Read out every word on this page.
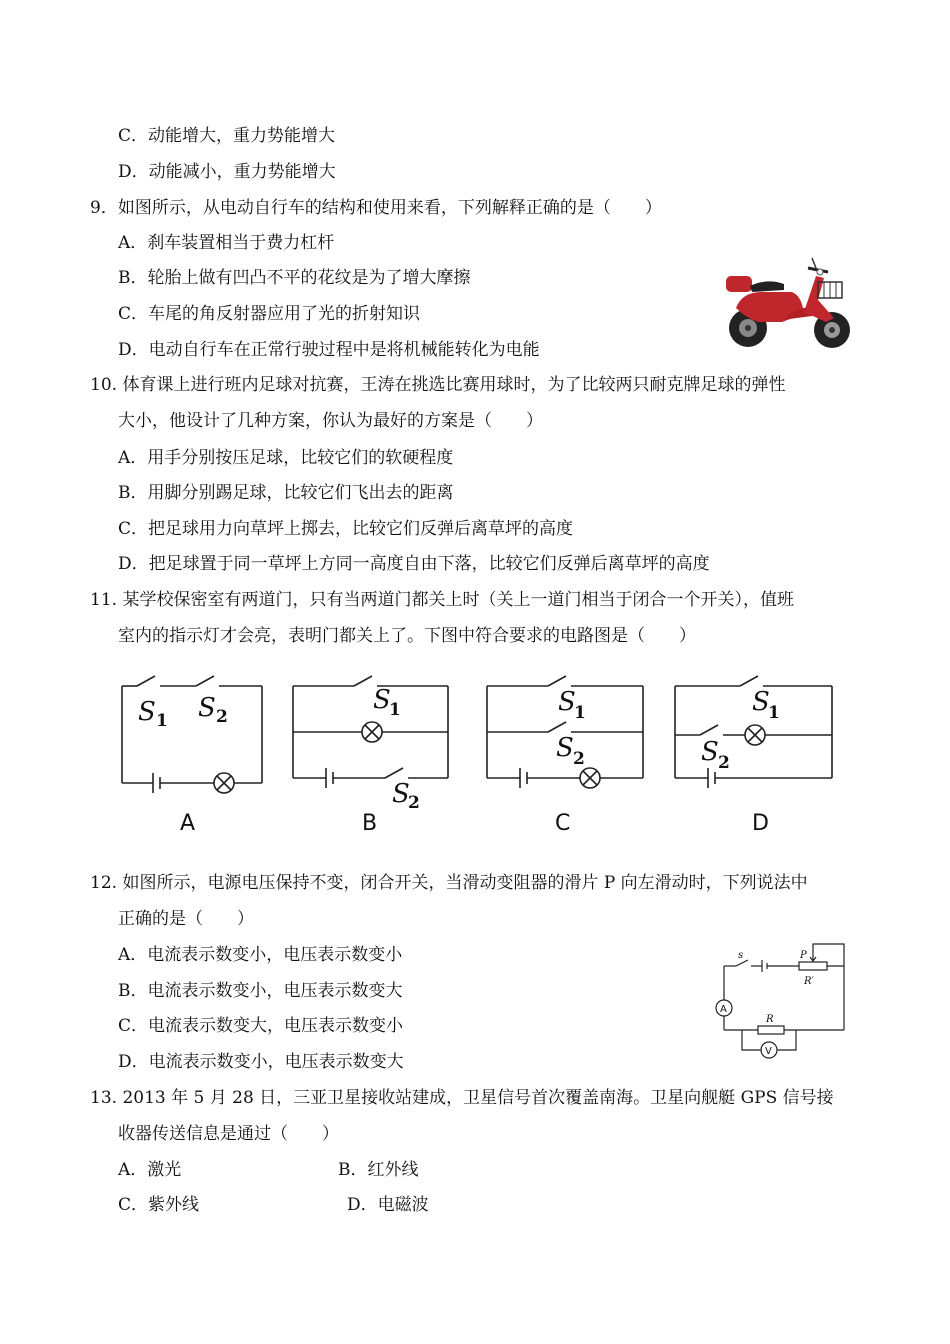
C．动能增大，重力势能增大
D．动能减小，重力势能增大
9．如图所示，从电动自行车的结构和使用来看，下列解释正确的是（　　）
A．刹车装置相当于费力杠杆
B．轮胎上做有凹凸不平的花纹是为了增大摩擦
C．车尾的角反射器应用了光的折射知识
D．电动自行车在正常行驶过程中是将机械能转化为电能
10. 体育课上进行班内足球对抗赛，王涛在挑选比赛用球时，为了比较两只耐克牌足球的弹性
大小，他设计了几种方案，你认为最好的方案是（　　）
A．用手分别按压足球，比较它们的软硬程度
B．用脚分别踢足球，比较它们飞出去的距离
C．把足球用力向草坪上掷去，比较它们反弹后离草坪的高度
D．把足球置于同一草坪上方同一高度自由下落，比较它们反弹后离草坪的高度
11. 某学校保密室有两道门，只有当两道门都关上时（关上一道门相当于闭合一个开关），值班
室内的指示灯才会亮，表明门都关上了。下图中符合要求的电路图是（　　）
S 1 S 2
S
1
S
2
S
1
S 2
S
1
S 2
A	B	C	D
12. 如图所示，电源电压保持不变，闭合开关，当滑动变阻器的滑片 P 向左滑动时，下列说法中
正确的是（　　）
A．电流表示数变小，电压表示数变小
B．电流表示数变小，电压表示数变大
C．电流表示数变大，电压表示数变小
D．电流表示数变小，电压表示数变大
P
s
R′
R
A
V
13. 2013 年 5 月 28 日，三亚卫星接收站建成，卫星信号首次覆盖南海。卫星向舰艇 GPS 信号接
收器传送信息是通过（　　）
A．激光	B．红外线
C．紫外线	D．电磁波
